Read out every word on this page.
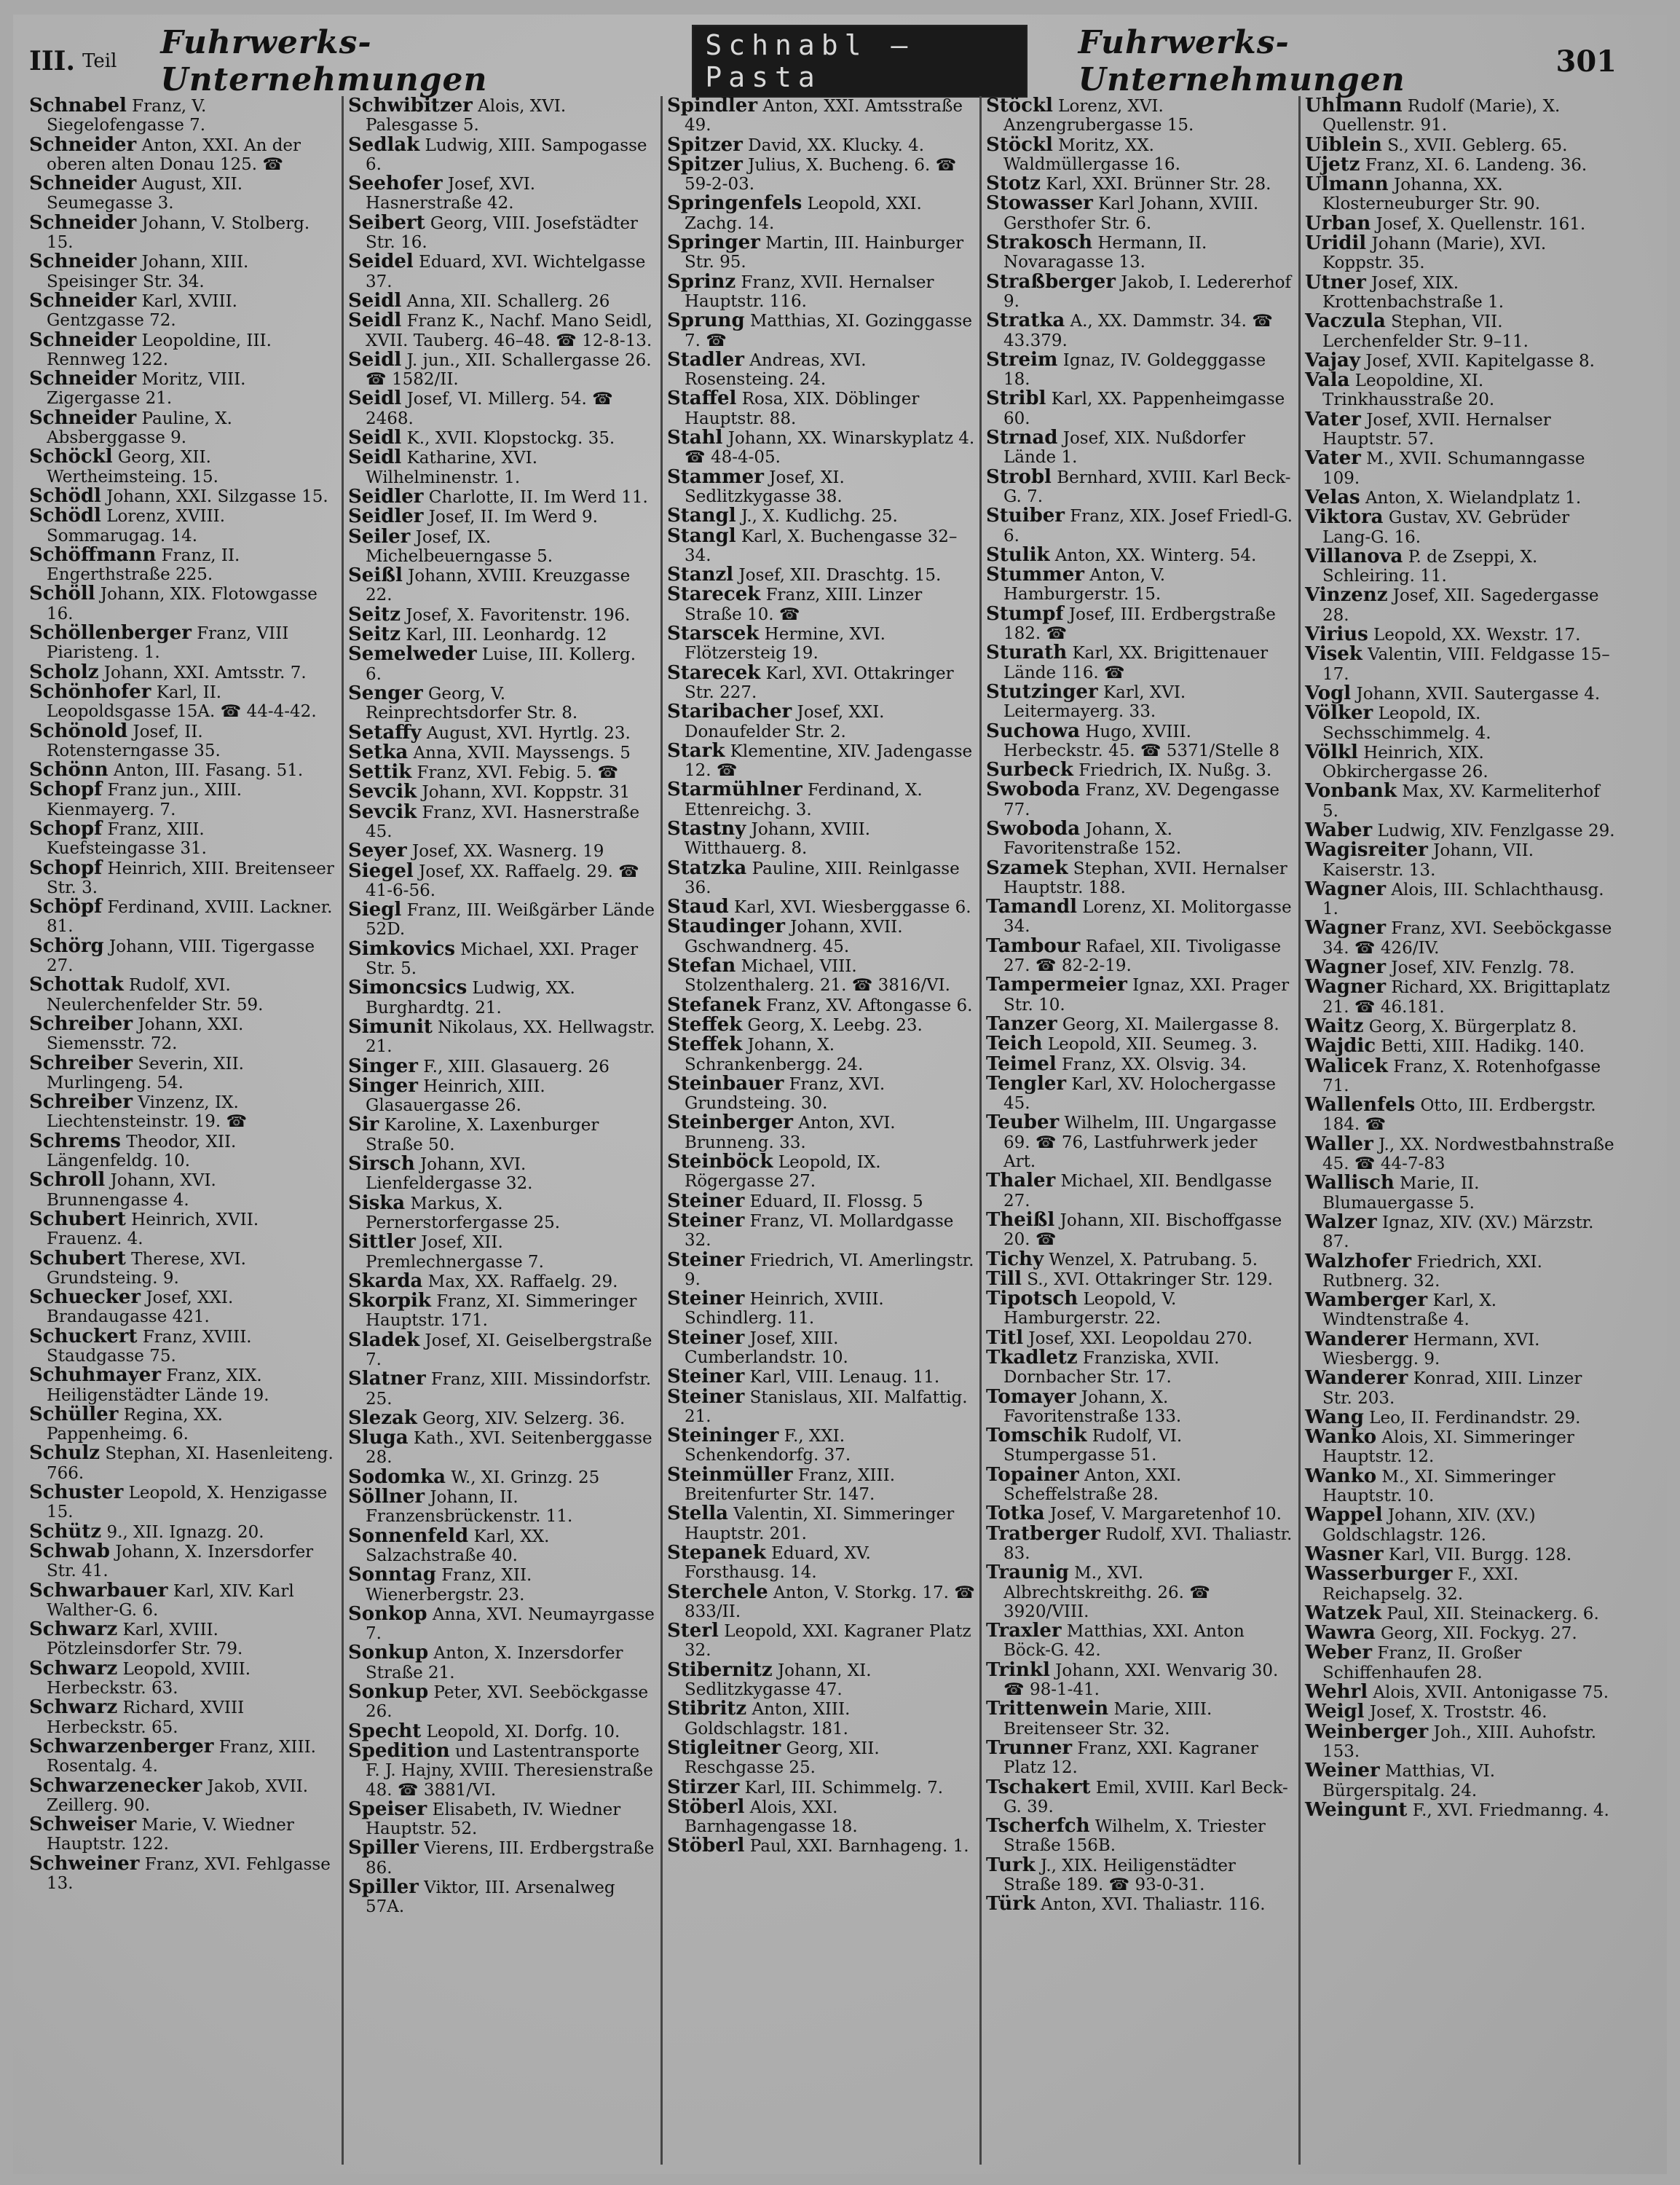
III. Teil Fuhrwerks-Unternehmungen
Schnabl — Pasta
Fuhrwerks-Unternehmungen	301

Schnabel Franz, V. Siegelofengasse 7.

Schneider Anton, XXI. An der oberen alten Donau 125. ☎

Schneider August, XII. Seumegasse 3.

Schneider Johann, V. Stolberg. 15.

Schneider Johann, XIII. Speisinger Str. 34.

Schneider Karl, XVIII. Gentzgasse 72.

Schneider Leopoldine, III. Rennweg 122.

Schneider Moritz, VIII. Zigergasse 21.

Schneider Pauline, X. Absberggasse 9.

Schöckl Georg, XII. Wertheimsteing. 15.

Schödl Johann, XXI. Silzgasse 15.

Schödl Lorenz, XVIII. Sommarugag. 14.

Schöffmann Franz, II. Engerthstraße 225.

Schöll Johann, XIX. Flotowgasse 16.

Schöllenberger Franz, VIII Piaristeng. 1.

Scholz Johann, XXI. Amtsstr. 7.

Schönhofer Karl, II. Leopoldsgasse 15A. ☎ 44-4-42.

Schönold Josef, II. Rotensterngasse 35.

Schönn Anton, III. Fasang. 51.

Schopf Franz jun., XIII. Kienmayerg. 7.

Schopf Franz, XIII. Kuefsteingasse 31.

Schopf Heinrich, XIII. Breitenseer Str. 3.

Schöpf Ferdinand, XVIII. Lackner. 81.

Schörg Johann, VIII. Tigergasse 27.

Schottak Rudolf, XVI. Neulerchenfelder Str. 59.

Schreiber Johann, XXI. Siemensstr. 72.

Schreiber Severin, XII. Murlingeng. 54.

Schreiber Vinzenz, IX. Liechtensteinstr. 19. ☎

Schrems Theodor, XII. Längenfeldg. 10.

Schroll Johann, XVI. Brunnengasse 4.

Schubert Heinrich, XVII. Frauenz. 4.

Schubert Therese, XVI. Grundsteing. 9.

Schuecker Josef, XXI. Brandaugasse 421.

Schuckert Franz, XVIII. Staudgasse 75.

Schuhmayer Franz, XIX. Heiligenstädter Lände 19.

Schüller Regina, XX. Pappenheimg. 6.

Schulz Stephan, XI. Hasenleiteng. 766.

Schuster Leopold, X. Henzigasse 15.

Schütz 9., XII. Ignazg. 20.

Schwab Johann, X. Inzersdorfer Str. 41.

Schwarbauer Karl, XIV. Karl Walther-G. 6.

Schwarz Karl, XVIII. Pötzleinsdorfer Str. 79.

Schwarz Leopold, XVIII. Herbeckstr. 63.

Schwarz Richard, XVIII Herbeckstr. 65.

Schwarzenberger Franz, XIII. Rosentalg. 4.

Schwarzenecker Jakob, XVII. Zeillerg. 90.

Schweiser Marie, V. Wiedner Hauptstr. 122.

Schweiner Franz, XVI. Fehlgasse 13.

Schwibitzer Alois, XVI. Palesgasse 5.

Sedlak Ludwig, XIII. Sampogasse 6.

Seehofer Josef, XVI. Hasnerstraße 42.

Seibert Georg, VIII. Josefstädter Str. 16.

Seidel Eduard, XVI. Wichtelgasse 37.

Seidl Anna, XII. Schallerg. 26

Seidl Franz K., Nachf. Mano Seidl, XVII. Tauberg. 46–48. ☎ 12-8-13.

Seidl J. jun., XII. Schallergasse 26. ☎ 1582/II.

Seidl Josef, VI. Millerg. 54. ☎ 2468.

Seidl K., XVII. Klopstockg. 35.

Seidl Katharine, XVI. Wilhelminenstr. 1.

Seidler Charlotte, II. Im Werd 11.

Seidler Josef, II. Im Werd 9.

Seiler Josef, IX. Michelbeuerngasse 5.

Seißl Johann, XVIII. Kreuzgasse 22.

Seitz Josef, X. Favoritenstr. 196.

Seitz Karl, III. Leonhardg. 12

Semelweder Luise, III. Kollerg. 6.

Senger Georg, V. Reinprechtsdorfer Str. 8.

Setaffy August, XVI. Hyrtlg. 23.

Setka Anna, XVII. Mayssengs. 5

Settik Franz, XVI. Febig. 5. ☎

Sevcik Johann, XVI. Koppstr. 31

Sevcik Franz, XVI. Hasnerstraße 45.

Seyer Josef, XX. Wasnerg. 19

Siegel Josef, XX. Raffaelg. 29. ☎ 41-6-56.

Siegl Franz, III. Weißgärber Lände 52D.

Simkovics Michael, XXI. Prager Str. 5.

Simoncsics Ludwig, XX. Burghardtg. 21.

Simunit Nikolaus, XX. Hellwagstr. 21.

Singer F., XIII. Glasauerg. 26

Singer Heinrich, XIII. Glasauergasse 26.

Sir Karoline, X. Laxenburger Straße 50.

Sirsch Johann, XVI. Lienfeldergasse 32.

Siska Markus, X. Pernerstorfergasse 25.

Sittler Josef, XII. Premlechnergasse 7.

Skarda Max, XX. Raffaelg. 29.

Skorpik Franz, XI. Simmeringer Hauptstr. 171.

Sladek Josef, XI. Geiselbergstraße 7.

Slatner Franz, XIII. Missindorfstr. 25.

Slezak Georg, XIV. Selzerg. 36.

Sluga Kath., XVI. Seitenberggasse 28.

Sodomka W., XI. Grinzg. 25

Söllner Johann, II. Franzensbrückenstr. 11.

Sonnenfeld Karl, XX. Salzachstraße 40.

Sonntag Franz, XII. Wienerbergstr. 23.

Sonkop Anna, XVI. Neumayrgasse 7.

Sonkup Anton, X. Inzersdorfer Straße 21.

Sonkup Peter, XVI. Seeböckgasse 26.

Specht Leopold, XI. Dorfg. 10.

Spedition und Lastentransporte F. J. Hajny, XVIII. Theresienstraße 48. ☎ 3881/VI.

Speiser Elisabeth, IV. Wiedner Hauptstr. 52.

Spiller Vierens, III. Erdbergstraße 86.

Spiller Viktor, III. Arsenalweg 57A.

Spindler Anton, XXI. Amtsstraße 49.

Spitzer David, XX. Klucky. 4.

Spitzer Julius, X. Bucheng. 6. ☎ 59-2-03.

Springenfels Leopold, XXI. Zachg. 14.

Springer Martin, III. Hainburger Str. 95.

Sprinz Franz, XVII. Hernalser Hauptstr. 116.

Sprung Matthias, XI. Gozinggasse 7. ☎

Stadler Andreas, XVI. Rosensteing. 24.

Staffel Rosa, XIX. Döblinger Hauptstr. 88.

Stahl Johann, XX. Winarskyplatz 4. ☎ 48-4-05.

Stammer Josef, XI. Sedlitzkygasse 38.

Stangl J., X. Kudlichg. 25.

Stangl Karl, X. Buchengasse 32–34.

Stanzl Josef, XII. Draschtg. 15.

Starecek Franz, XIII. Linzer Straße 10. ☎

Starscek Hermine, XVI. Flötzersteig 19.

Starecek Karl, XVI. Ottakringer Str. 227.

Staribacher Josef, XXI. Donaufelder Str. 2.

Stark Klementine, XIV. Jadengasse 12. ☎

Starmühlner Ferdinand, X. Ettenreichg. 3.

Stastny Johann, XVIII. Witthauerg. 8.

Statzka Pauline, XIII. Reinlgasse 36.

Staud Karl, XVI. Wiesberggasse 6.

Staudinger Johann, XVII. Gschwandnerg. 45.

Stefan Michael, VIII. Stolzenthalerg. 21. ☎ 3816/VI.

Stefanek Franz, XV. Aftongasse 6.

Steffek Georg, X. Leebg. 23.

Steffek Johann, X. Schrankenbergg. 24.

Steinbauer Franz, XVI. Grundsteing. 30.

Steinberger Anton, XVI. Brunneng. 33.

Steinböck Leopold, IX. Rögergasse 27.

Steiner Eduard, II. Flossg. 5

Steiner Franz, VI. Mollardgasse 32.

Steiner Friedrich, VI. Amerlingstr. 9.

Steiner Heinrich, XVIII. Schindlerg. 11.

Steiner Josef, XIII. Cumberlandstr. 10.

Steiner Karl, VIII. Lenaug. 11.

Steiner Stanislaus, XII. Malfattig. 21.

Steininger F., XXI. Schenkendorfg. 37.

Steinmüller Franz, XIII. Breitenfurter Str. 147.

Stella Valentin, XI. Simmeringer Hauptstr. 201.

Stepanek Eduard, XV. Forsthausg. 14.

Sterchele Anton, V. Storkg. 17. ☎ 833/II.

Sterl Leopold, XXI. Kagraner Platz 32.

Stibernitz Johann, XI. Sedlitzkygasse 47.

Stibritz Anton, XIII. Goldschlagstr. 181.

Stigleitner Georg, XII. Reschgasse 25.

Stirzer Karl, III. Schimmelg. 7.

Stöberl Alois, XXI. Barnhagengasse 18.

Stöberl Paul, XXI. Barnhageng. 1.

Stöckl Lorenz, XVI. Anzengrubergasse 15.

Stöckl Moritz, XX. Waldmüllergasse 16.

Stotz Karl, XXI. Brünner Str. 28.

Stowasser Karl Johann, XVIII. Gersthofer Str. 6.

Strakosch Hermann, II. Novaragasse 13.

Straßberger Jakob, I. Ledererhof 9.

Stratka A., XX. Dammstr. 34. ☎ 43.379.

Streim Ignaz, IV. Goldegggasse 18.

Stribl Karl, XX. Pappenheimgasse 60.

Strnad Josef, XIX. Nußdorfer Lände 1.

Strobl Bernhard, XVIII. Karl Beck-G. 7.

Stuiber Franz, XIX. Josef Friedl-G. 6.

Stulik Anton, XX. Winterg. 54.

Stummer Anton, V. Hamburgerstr. 15.

Stumpf Josef, III. Erdbergstraße 182. ☎

Sturath Karl, XX. Brigittenauer Lände 116. ☎

Stutzinger Karl, XVI. Leitermayerg. 33.

Suchowa Hugo, XVIII. Herbeckstr. 45. ☎ 5371/Stelle 8

Surbeck Friedrich, IX. Nußg. 3.

Swoboda Franz, XV. Degengasse 77.

Swoboda Johann, X. Favoritenstraße 152.

Szamek Stephan, XVII. Hernalser Hauptstr. 188.

Tamandl Lorenz, XI. Molitorgasse 34.

Tambour Rafael, XII. Tivoligasse 27. ☎ 82-2-19.

Tampermeier Ignaz, XXI. Prager Str. 10.

Tanzer Georg, XI. Mailergasse 8.

Teich Leopold, XII. Seumeg. 3.

Teimel Franz, XX. Olsvig. 34.

Tengler Karl, XV. Holochergasse 45.

Teuber Wilhelm, III. Ungargasse 69. ☎ 76, Lastfuhrwerk jeder Art.

Thaler Michael, XII. Bendlgasse 27.

Theißl Johann, XII. Bischoffgasse 20. ☎

Tichy Wenzel, X. Patrubang. 5.

Till S., XVI. Ottakringer Str. 129.

Tipotsch Leopold, V. Hamburgerstr. 22.

Titl Josef, XXI. Leopoldau 270.

Tkadletz Franziska, XVII. Dornbacher Str. 17.

Tomayer Johann, X. Favoritenstraße 133.

Tomschik Rudolf, VI. Stumpergasse 51.

Topainer Anton, XXI. Scheffelstraße 28.

Totka Josef, V. Margaretenhof 10.

Tratberger Rudolf, XVI. Thaliastr. 83.

Traunig M., XVI. Albrechtskreithg. 26. ☎ 3920/VIII.

Traxler Matthias, XXI. Anton Böck-G. 42.

Trinkl Johann, XXI. Wenvarig 30. ☎ 98-1-41.

Trittenwein Marie, XIII. Breitenseer Str. 32.

Trunner Franz, XXI. Kagraner Platz 12.

Tschakert Emil, XVIII. Karl Beck-G. 39.

Tscherfch Wilhelm, X. Triester Straße 156B.

Turk J., XIX. Heiligenstädter Straße 189. ☎ 93-0-31.

Türk Anton, XVI. Thaliastr. 116.

Uhlmann Rudolf (Marie), X. Quellenstr. 91.

Uiblein S., XVII. Geblerg. 65.

Ujetz Franz, XI. 6. Landeng. 36.

Ulmann Johanna, XX. Klosterneuburger Str. 90.

Urban Josef, X. Quellenstr. 161.

Uridil Johann (Marie), XVI. Koppstr. 35.

Utner Josef, XIX. Krottenbachstraße 1.

Vaczula Stephan, VII. Lerchenfelder Str. 9–11.

Vajay Josef, XVII. Kapitelgasse 8.

Vala Leopoldine, XI. Trinkhausstraße 20.

Vater Josef, XVII. Hernalser Hauptstr. 57.

Vater M., XVII. Schumanngasse 109.

Velas Anton, X. Wielandplatz 1.

Viktora Gustav, XV. Gebrüder Lang-G. 16.

Villanova P. de Zseppi, X. Schleiring. 11.

Vinzenz Josef, XII. Sagedergasse 28.

Virius Leopold, XX. Wexstr. 17.

Visek Valentin, VIII. Feldgasse 15–17.

Vogl Johann, XVII. Sautergasse 4.

Völker Leopold, IX. Sechsschimmelg. 4.

Völkl Heinrich, XIX. Obkirchergasse 26.

Vonbank Max, XV. Karmeliterhof 5.

Waber Ludwig, XIV. Fenzlgasse 29.

Wagisreiter Johann, VII. Kaiserstr. 13.

Wagner Alois, III. Schlachthausg. 1.

Wagner Franz, XVI. Seeböckgasse 34. ☎ 426/IV.

Wagner Josef, XIV. Fenzlg. 78.

Wagner Richard, XX. Brigittaplatz 21. ☎ 46.181.

Waitz Georg, X. Bürgerplatz 8.

Wajdic Betti, XIII. Hadikg. 140.

Walicek Franz, X. Rotenhofgasse 71.

Wallenfels Otto, III. Erdbergstr. 184. ☎

Waller J., XX. Nordwestbahnstraße 45. ☎ 44-7-83

Wallisch Marie, II. Blumauergasse 5.

Walzer Ignaz, XIV. (XV.) Märzstr. 87.

Walzhofer Friedrich, XXI. Rutbnerg. 32.

Wamberger Karl, X. Windtenstraße 4.

Wanderer Hermann, XVI. Wiesbergg. 9.

Wanderer Konrad, XIII. Linzer Str. 203.

Wang Leo, II. Ferdinandstr. 29.

Wanko Alois, XI. Simmeringer Hauptstr. 12.

Wanko M., XI. Simmeringer Hauptstr. 10.

Wappel Johann, XIV. (XV.) Goldschlagstr. 126.

Wasner Karl, VII. Burgg. 128.

Wasserburger F., XXI. Reichapselg. 32.

Watzek Paul, XII. Steinackerg. 6.

Wawra Georg, XII. Fockyg. 27.

Weber Franz, II. Großer Schiffenhaufen 28.

Wehrl Alois, XVII. Antonigasse 75.

Weigl Josef, X. Troststr. 46.

Weinberger Joh., XIII. Auhofstr. 153.

Weiner Matthias, VI. Bürgerspitalg. 24.

Weingunt F., XVI. Friedmanng. 4.
